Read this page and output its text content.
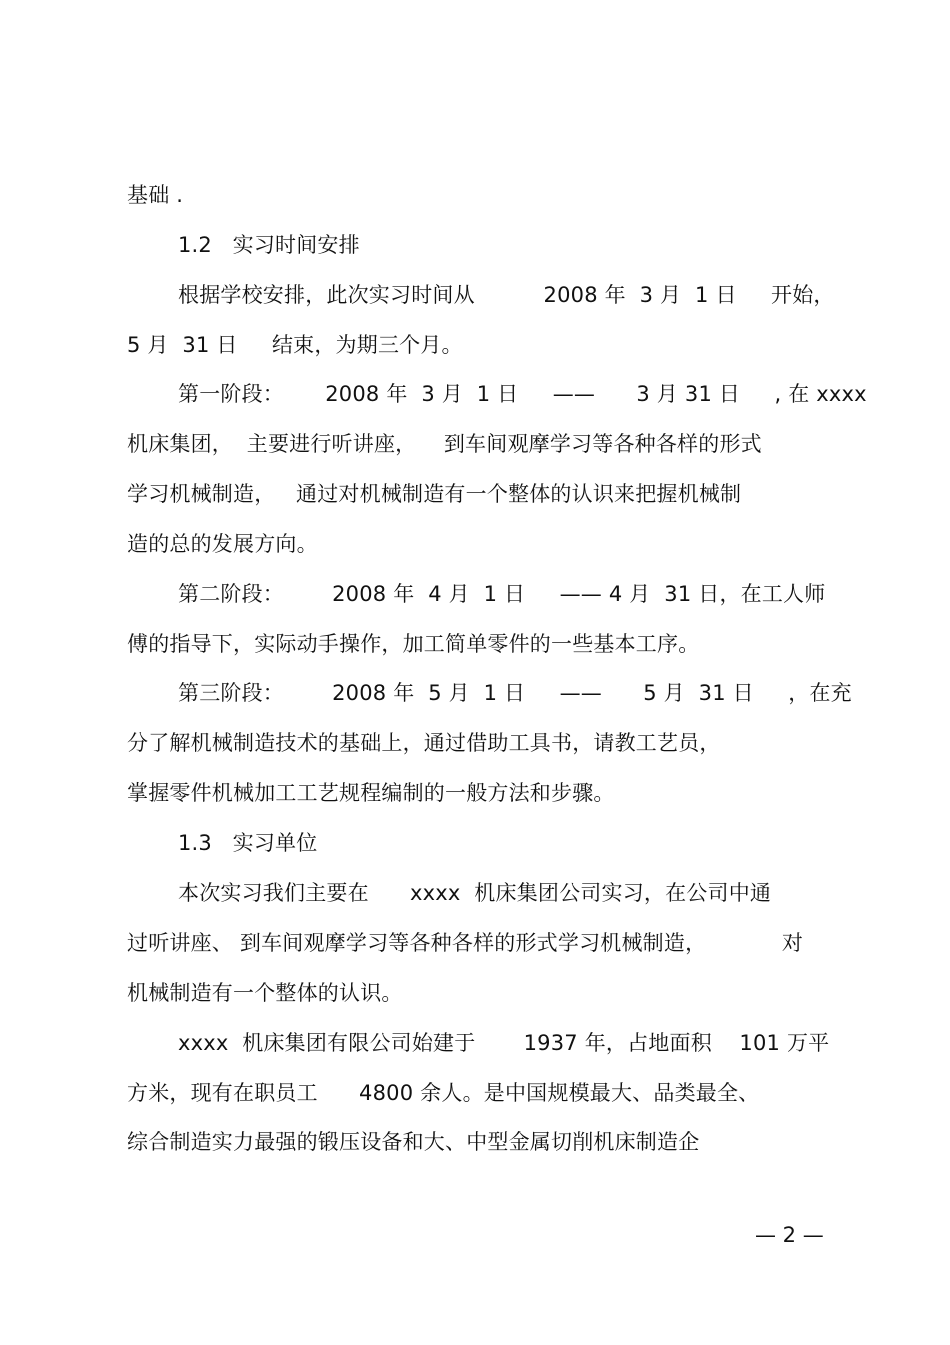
基础 .
1.2   实习时间安排
根据学校安排，此次实习时间从          2008 年  3 月  1 日     开始，
5 月  31 日     结束，为期三个月。
第一阶段：      2008 年  3 月  1 日     ——      3 月 31 日     , 在 xxxx
机床集团，  主要进行听讲座，    到车间观摩学习等各种各样的形式
学习机械制造，   通过对机械制造有一个整体的认识来把握机械制
造的总的发展方向。
第二阶段：       2008 年  4 月  1 日     —— 4 月  31 日，在工人师
傅的指导下，实际动手操作，加工简单零件的一些基本工序。
第三阶段：       2008 年  5 月  1 日     ——      5 月  31 日     ，在充
分了解机械制造技术的基础上，通过借助工具书，请教工艺员，
掌握零件机械加工工艺规程编制的一般方法和步骤。
1.3   实习单位
本次实习我们主要在      xxxx  机床集团公司实习，在公司中通
过听讲座、 到车间观摩学习等各种各样的形式学习机械制造，           对
机械制造有一个整体的认识。
xxxx  机床集团有限公司始建于       1937 年，占地面积    101 万平
方米，现有在职员工      4800 余人。是中国规模最大、品类最全、
综合制造实力最强的锻压设备和大、中型金属切削机床制造企
— 2 —
